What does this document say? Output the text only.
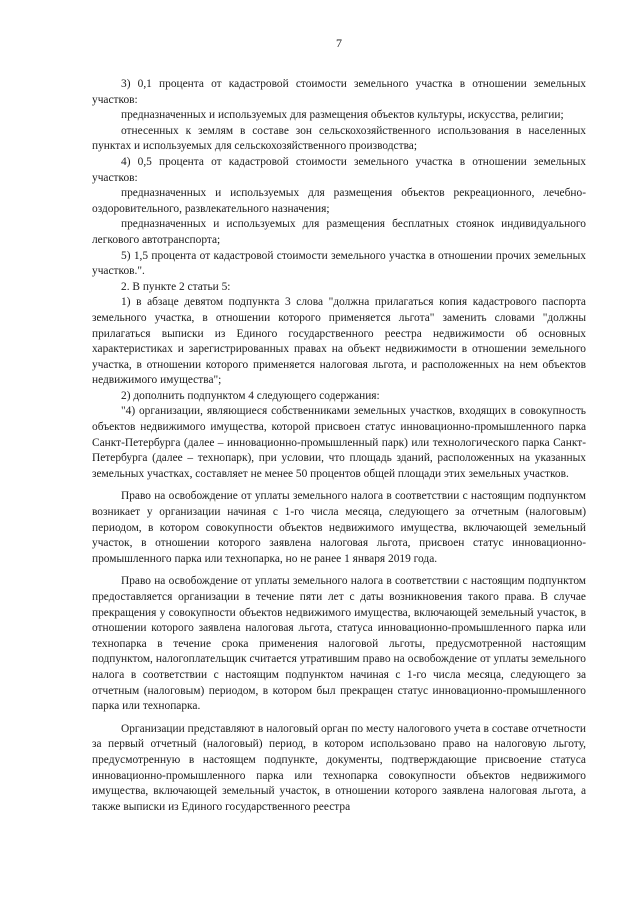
7

3) 0,1 процента от кадастровой стоимости земельного участка в отношении земельных участков:

предназначенных и используемых для размещения объектов культуры, искусства, религии;

отнесенных к землям в составе зон сельскохозяйственного использования в населенных пунктах и используемых для сельскохозяйственного производства;

4) 0,5 процента от кадастровой стоимости земельного участка в отношении земельных участков:

предназначенных и используемых для размещения объектов рекреационного, лечебно-оздоровительного, развлекательного назначения;

предназначенных и используемых для размещения бесплатных стоянок индивидуального легкового автотранспорта;

5) 1,5 процента от кадастровой стоимости земельного участка в отношении прочих земельных участков.".

2. В пункте 2 статьи 5:

1) в абзаце девятом подпункта 3 слова "должна прилагаться копия кадастрового паспорта земельного участка, в отношении которого применяется льгота" заменить словами "должны прилагаться выписки из Единого государственного реестра недвижимости об основных характеристиках и зарегистрированных правах на объект недвижимости в отношении земельного участка, в отношении которого применяется налоговая льгота, и расположенных на нем объектов недвижимого имущества";

2) дополнить подпунктом 4 следующего содержания:

"4) организации, являющиеся собственниками земельных участков, входящих в совокупность объектов недвижимого имущества, которой присвоен статус инновационно-промышленного парка Санкт-Петербурга (далее – инновационно-промышленный парк) или технологического парка Санкт-Петербурга (далее – технопарк), при условии, что площадь зданий, расположенных на указанных земельных участках, составляет не менее 50 процентов общей площади этих земельных участков.

Право на освобождение от уплаты земельного налога в соответствии с настоящим подпунктом возникает у организации начиная с 1-го числа месяца, следующего за отчетным (налоговым) периодом, в котором совокупности объектов недвижимого имущества, включающей земельный участок, в отношении которого заявлена налоговая льгота, присвоен статус инновационно-промышленного парка или технопарка, но не ранее 1 января 2019 года.

Право на освобождение от уплаты земельного налога в соответствии с настоящим подпунктом предоставляется организации в течение пяти лет с даты возникновения такого права. В случае прекращения у совокупности объектов недвижимого имущества, включающей земельный участок, в отношении которого заявлена налоговая льгота, статуса инновационно-промышленного парка или технопарка в течение срока применения налоговой льготы, предусмотренной настоящим подпунктом, налогоплательщик считается утратившим право на освобождение от уплаты земельного налога в соответствии с настоящим подпунктом начиная с 1-го числа месяца, следующего за отчетным (налоговым) периодом, в котором был прекращен статус инновационно-промышленного парка или технопарка.

Организации представляют в налоговый орган по месту налогового учета в составе отчетности за первый отчетный (налоговый) период, в котором использовано право на налоговую льготу, предусмотренную в настоящем подпункте, документы, подтверждающие присвоение статуса инновационно-промышленного парка или технопарка совокупности объектов недвижимого имущества, включающей земельный участок, в отношении которого заявлена налоговая льгота, а также выписки из Единого государственного реестра
